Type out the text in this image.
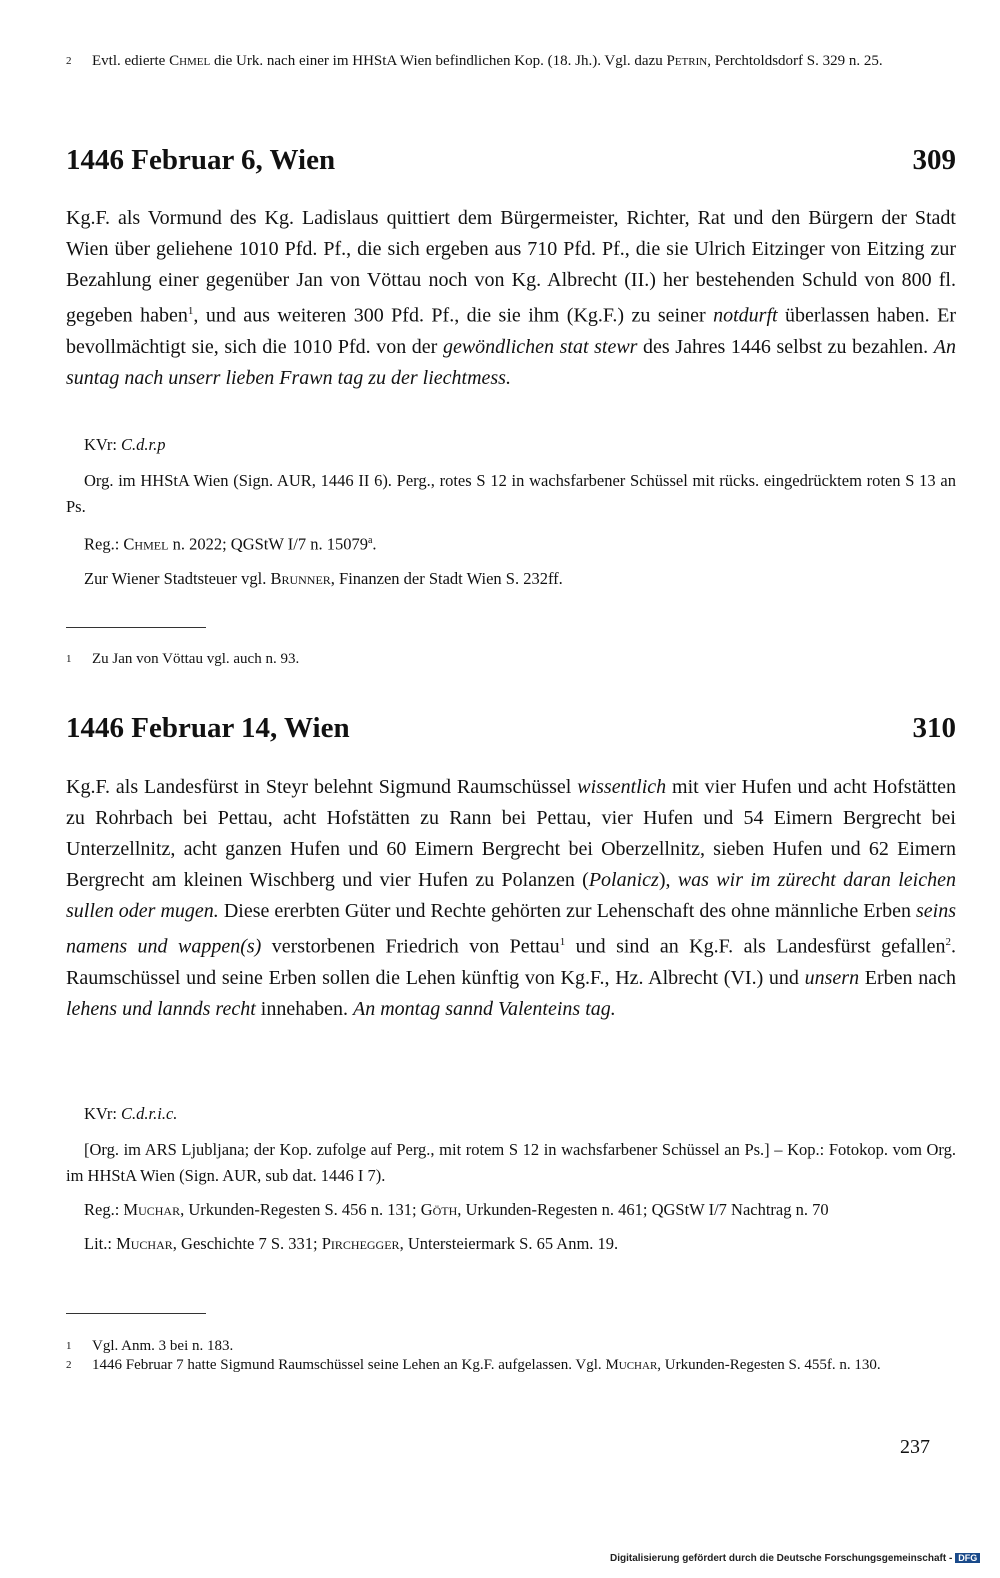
2	Evtl. edierte Chmel die Urk. nach einer im HHStA Wien befindlichen Kop. (18. Jh.). Vgl. dazu Petrin, Perchtoldsdorf S. 329 n. 25.
1446 Februar 6, Wien	309
Kg.F. als Vormund des Kg. Ladislaus quittiert dem Bürgermeister, Richter, Rat und den Bürgern der Stadt Wien über geliehene 1010 Pfd. Pf., die sich ergeben aus 710 Pfd. Pf., die sie Ulrich Eitzinger von Eitzing zur Bezahlung einer gegenüber Jan von Vöttau noch von Kg. Albrecht (II.) her bestehenden Schuld von 800 fl. gegeben haben$^1$, und aus weiteren 300 Pfd. Pf., die sie ihm (Kg.F.) zu seiner notdurft überlassen haben. Er bevollmächtigt sie, sich die 1010 Pfd. von der gewöndlichen stat stewr des Jahres 1446 selbst zu bezahlen. An suntag nach unserr lieben Frawn tag zu der liechtmess.

KVr: C.d.r.p

Org. im HHStA Wien (Sign. AUR, 1446 II 6). Perg., rotes S 12 in wachsfarbener Schüssel mit rücks. eingedrücktem roten S 13 an Ps.

Reg.: Chmel n. 2022; QGStW I/7 n. 15079$^a$.

Zur Wiener Stadtsteuer vgl. Brunner, Finanzen der Stadt Wien S. 232ff.

1	Zu Jan von Vöttau vgl. auch n. 93.
1446 Februar 14, Wien	310
Kg.F. als Landesfürst in Steyr belehnt Sigmund Raumschüssel wissentlich mit vier Hufen und acht Hofstätten zu Rohrbach bei Pettau, acht Hofstätten zu Rann bei Pettau, vier Hufen und 54 Eimern Bergrecht bei Unterzellnitz, acht ganzen Hufen und 60 Eimern Bergrecht bei Oberzellnitz, sieben Hufen und 62 Eimern Bergrecht am kleinen Wischberg und vier Hufen zu Polanzen (Polanicz), was wir im zürecht daran leichen sullen oder mugen. Diese ererbten Güter und Rechte gehörten zur Lehenschaft des ohne männliche Erben seins namens und wappen(s) verstorbenen Friedrich von Pettau$^1$ und sind an Kg.F. als Landesfürst gefallen$^2$. Raumschüssel und seine Erben sollen die Lehen künftig von Kg.F., Hz. Albrecht (VI.) und unsern Erben nach lehens und lannds recht innehaben. An montag sannd Valenteins tag.

KVr: C.d.r.i.c.

[Org. im ARS Ljubljana; der Kop. zufolge auf Perg., mit rotem S 12 in wachsfarbener Schüssel an Ps.] – Kop.: Fotokop. vom Org. im HHStA Wien (Sign. AUR, sub dat. 1446 I 7).

Reg.: Muchar, Urkunden-Regesten S. 456 n. 131; Göth, Urkunden-Regesten n. 461; QGStW I/7 Nachtrag n. 70

Lit.: Muchar, Geschichte 7 S. 331; Pirchegger, Untersteiermark S. 65 Anm. 19.

1	Vgl. Anm. 3 bei n. 183.
2	1446 Februar 7 hatte Sigmund Raumschüssel seine Lehen an Kg.F. aufgelassen. Vgl. Muchar, Urkunden-Regesten S. 455f. n. 130.
237
Digitalisierung gefördert durch die Deutsche Forschungsgemeinschaft - DFG
